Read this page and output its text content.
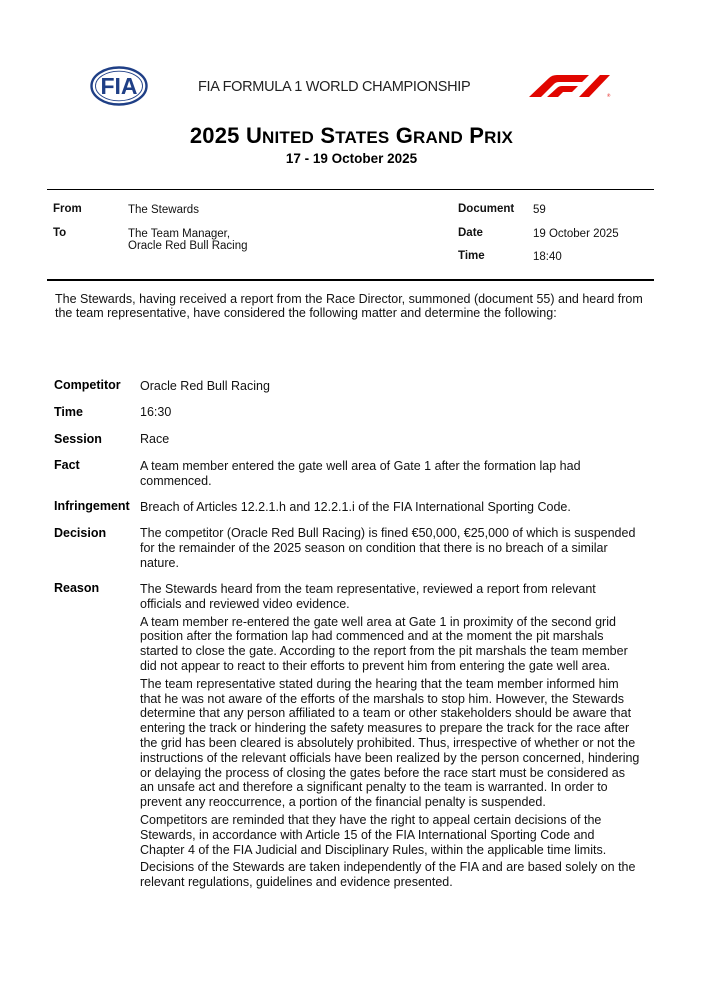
FIA	FIA FORMULA 1 WORLD CHAMPIONSHIP
®
2025 UNITED STATES GRAND PRIX
17 - 19 October 2025
From	The Stewards
To	The Team Manager,
Oracle Red Bull Racing
Document 59
Date	19 October 2025
Time	18:40

The Stewards, having received a report from the Race Director, summoned (document 55) and heard from the team representative, have considered the following matter and determine the following:

Competitor Oracle Red Bull Racing
Time	16:30
Session	Race
Fact	A team member entered the gate well area of Gate 1 after the formation lap had commenced.
Infringement Breach of Articles 12.2.1.h and 12.2.1.i of the FIA International Sporting Code.
Decision	The competitor (Oracle Red Bull Racing) is fined €50,000, €25,000 of which is suspended for the remainder of the 2025 season on condition that there is no breach of a similar nature.
Reason	The Stewards heard from the team representative, reviewed a report from relevant officials and reviewed video evidence.

A team member re-entered the gate well area at Gate 1 in proximity of the second grid position after the formation lap had commenced and at the moment the pit marshals started to close the gate. According to the report from the pit marshals the team member did not appear to react to their efforts to prevent him from entering the gate well area.

The team representative stated during the hearing that the team member informed him that he was not aware of the efforts of the marshals to stop him. However, the Stewards determine that any person affiliated to a team or other stakeholders should be aware that entering the track or hindering the safety measures to prepare the track for the race after the grid has been cleared is absolutely prohibited. Thus, irrespective of whether or not the instructions of the relevant officials have been realized by the person concerned, hindering or delaying the process of closing the gates before the race start must be considered as an unsafe act and therefore a significant penalty to the team is warranted. In order to prevent any reoccurrence, a portion of the financial penalty is suspended.

Competitors are reminded that they have the right to appeal certain decisions of the Stewards, in accordance with Article 15 of the FIA International Sporting Code and Chapter 4 of the FIA Judicial and Disciplinary Rules, within the applicable time limits.

Decisions of the Stewards are taken independently of the FIA and are based solely on the relevant regulations, guidelines and evidence presented.
